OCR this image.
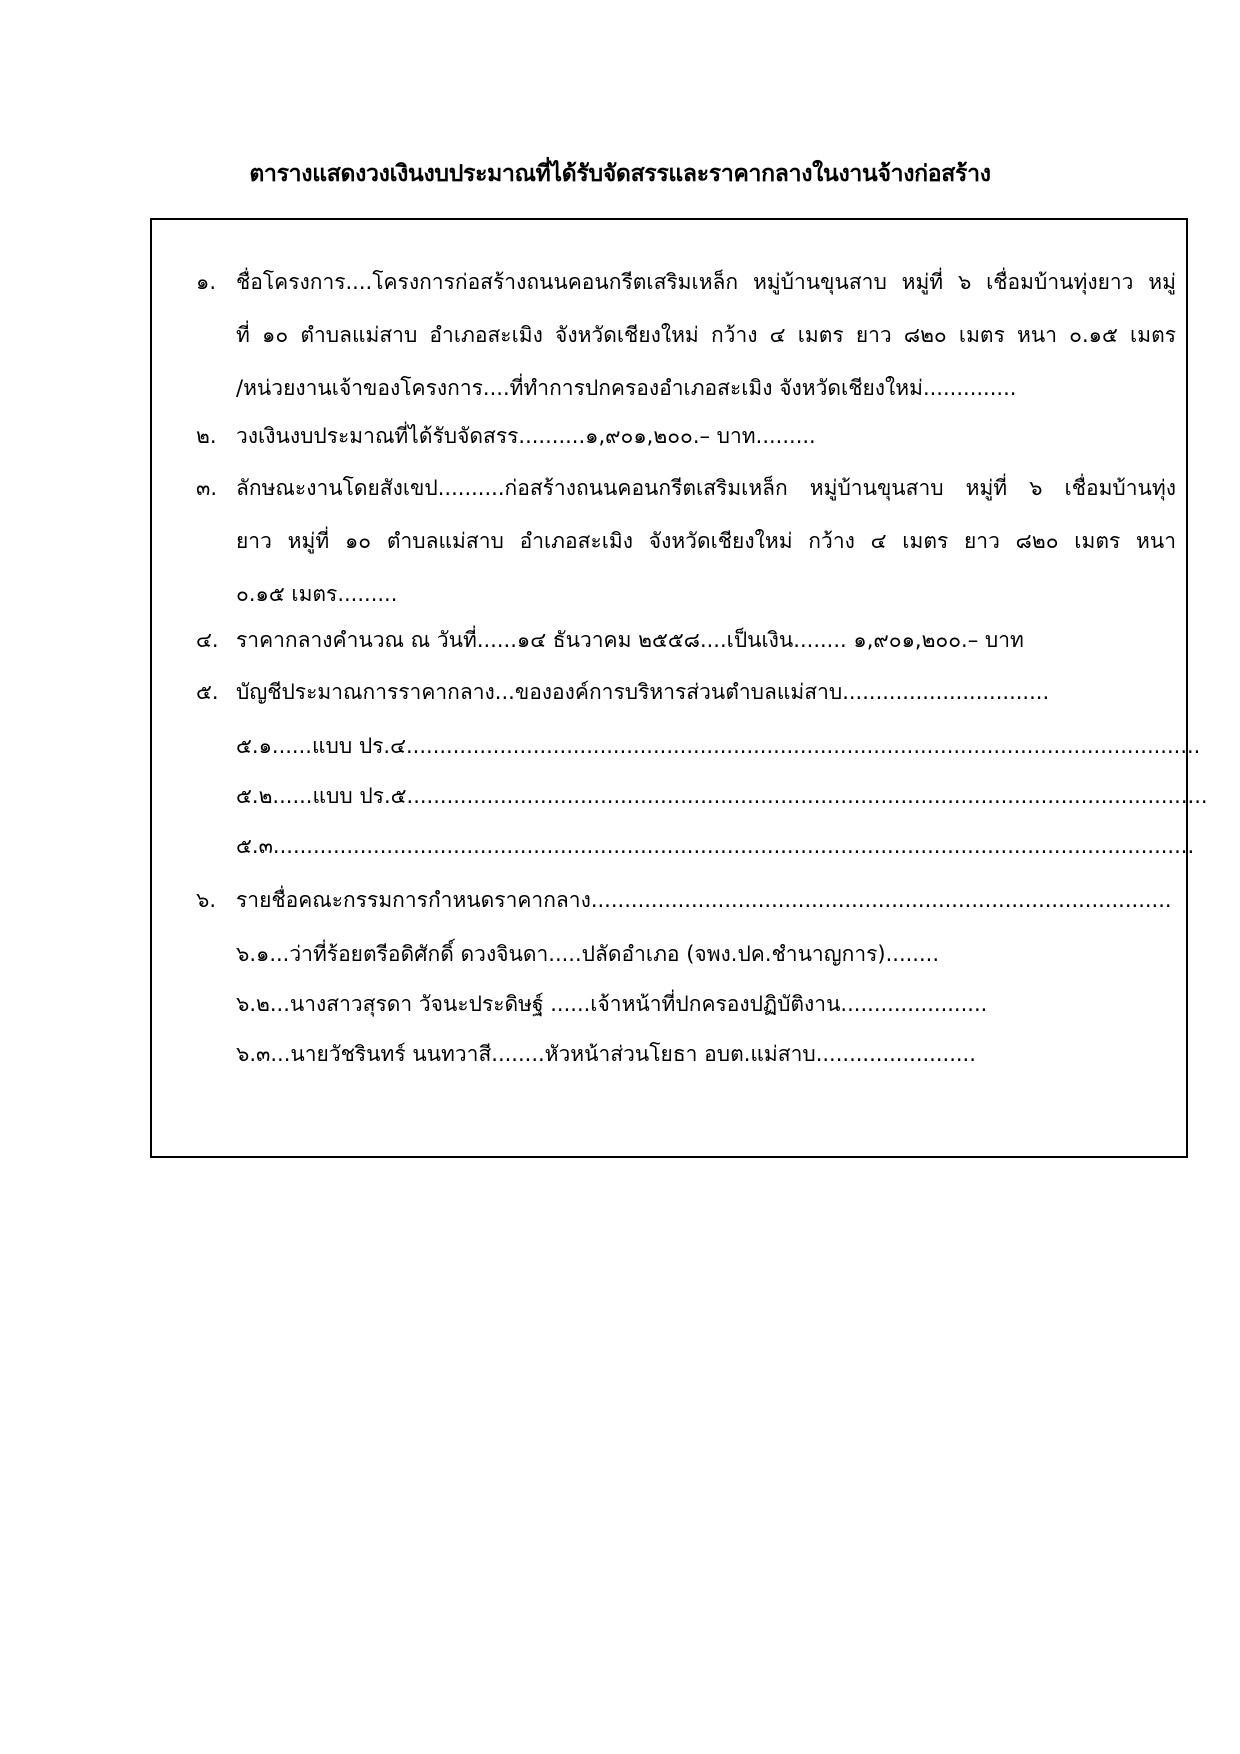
ตารางแสดงวงเงินงบประมาณที่ได้รับจัดสรรและราคากลางในงานจ้างก่อสร้าง
๑. ชื่อโครงการ....โครงการก่อสร้างถนนคอนกรีตเสริมเหล็ก หมู่บ้านขุนสาบ หมู่ที่ ๖ เชื่อมบ้านทุ่งยาว หมู่
ที่ ๑๐ ตำบลแม่สาบ อำเภอสะเมิง จังหวัดเชียงใหม่ กว้าง ๔ เมตร ยาว ๘๒๐ เมตร หนา ๐.๑๕ เมตร
/หน่วยงานเจ้าของโครงการ....ที่ทำการปกครองอำเภอสะเมิง จังหวัดเชียงใหม่..............
๒. วงเงินงบประมาณที่ได้รับจัดสรร..........๑,๙๐๑,๒๐๐.– บาท.........
๓. ลักษณะงานโดยสังเขป..........ก่อสร้างถนนคอนกรีตเสริมเหล็ก หมู่บ้านขุนสาบ หมู่ที่ ๖ เชื่อมบ้านทุ่ง
ยาว หมู่ที่ ๑๐ ตำบลแม่สาบ อำเภอสะเมิง จังหวัดเชียงใหม่ กว้าง ๔ เมตร ยาว ๘๒๐ เมตร หนา
๐.๑๕ เมตร.........
๔. ราคากลางคำนวณ ณ วันที่......๑๔ ธันวาคม ๒๕๕๘....เป็นเงิน........ ๑,๙๐๑,๒๐๐.– บาท
๕. บัญชีประมาณการราคากลาง...ขององค์การบริหารส่วนตำบลแม่สาบ...............................
๕.๑......แบบ ปร.๔.......................................................................................................................
๕.๒......แบบ ปร.๕........................................................................................................................
๕.๓..........................................................................................................................................
๖. รายชื่อคณะกรรมการกำหนดราคากลาง.......................................................................................
๖.๑...ว่าที่ร้อยตรีอดิศักดิ์ ดวงจินดา.....ปลัดอำเภอ (จพง.ปค.ชำนาญการ)........
๖.๒...นางสาวสุรดา วัจนะประดิษฐ์ ......เจ้าหน้าที่ปกครองปฏิบัติงาน......................
๖.๓...นายวัชรินทร์ นนทวาสี........หัวหน้าส่วนโยธา อบต.แม่สาบ........................
